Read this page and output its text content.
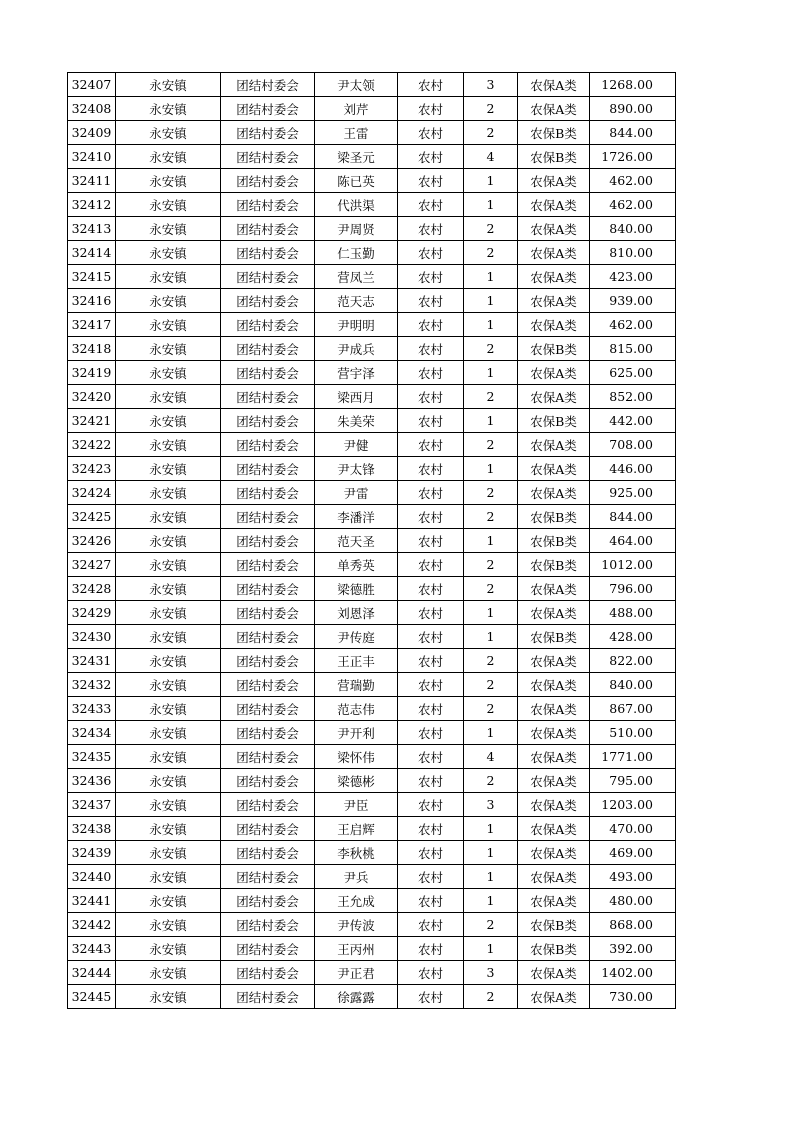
32407	永安镇	团结村委会	尹太领	农村	3	农保A类	1268.00
32408	永安镇	团结村委会	刘芹	农村	2	农保A类	890.00
32409	永安镇	团结村委会	王雷	农村	2	农保B类	844.00
32410	永安镇	团结村委会	梁圣元	农村	4	农保B类	1726.00
32411	永安镇	团结村委会	陈已英	农村	1	农保A类	462.00
32412	永安镇	团结村委会	代洪渠	农村	1	农保A类	462.00
32413	永安镇	团结村委会	尹周贤	农村	2	农保A类	840.00
32414	永安镇	团结村委会	仁玉勤	农村	2	农保A类	810.00
32415	永安镇	团结村委会	营凤兰	农村	1	农保A类	423.00
32416	永安镇	团结村委会	范天志	农村	1	农保A类	939.00
32417	永安镇	团结村委会	尹明明	农村	1	农保A类	462.00
32418	永安镇	团结村委会	尹成兵	农村	2	农保B类	815.00
32419	永安镇	团结村委会	营宇泽	农村	1	农保A类	625.00
32420	永安镇	团结村委会	梁西月	农村	2	农保A类	852.00
32421	永安镇	团结村委会	朱美荣	农村	1	农保B类	442.00
32422	永安镇	团结村委会	尹健	农村	2	农保A类	708.00
32423	永安镇	团结村委会	尹太锋	农村	1	农保A类	446.00
32424	永安镇	团结村委会	尹雷	农村	2	农保A类	925.00
32425	永安镇	团结村委会	李潘洋	农村	2	农保B类	844.00
32426	永安镇	团结村委会	范天圣	农村	1	农保B类	464.00
32427	永安镇	团结村委会	单秀英	农村	2	农保B类	1012.00
32428	永安镇	团结村委会	梁德胜	农村	2	农保A类	796.00
32429	永安镇	团结村委会	刘恩泽	农村	1	农保A类	488.00
32430	永安镇	团结村委会	尹传庭	农村	1	农保B类	428.00
32431	永安镇	团结村委会	王正丰	农村	2	农保A类	822.00
32432	永安镇	团结村委会	营瑞勤	农村	2	农保A类	840.00
32433	永安镇	团结村委会	范志伟	农村	2	农保A类	867.00
32434	永安镇	团结村委会	尹开利	农村	1	农保A类	510.00
32435	永安镇	团结村委会	梁怀伟	农村	4	农保A类	1771.00
32436	永安镇	团结村委会	梁德彬	农村	2	农保A类	795.00
32437	永安镇	团结村委会	尹臣	农村	3	农保A类	1203.00
32438	永安镇	团结村委会	王启辉	农村	1	农保A类	470.00
32439	永安镇	团结村委会	李秋桃	农村	1	农保A类	469.00
32440	永安镇	团结村委会	尹兵	农村	1	农保A类	493.00
32441	永安镇	团结村委会	王允成	农村	1	农保A类	480.00
32442	永安镇	团结村委会	尹传波	农村	2	农保B类	868.00
32443	永安镇	团结村委会	王丙州	农村	1	农保B类	392.00
32444	永安镇	团结村委会	尹正君	农村	3	农保A类	1402.00
32445	永安镇	团结村委会	徐露露	农村	2	农保A类	730.00
